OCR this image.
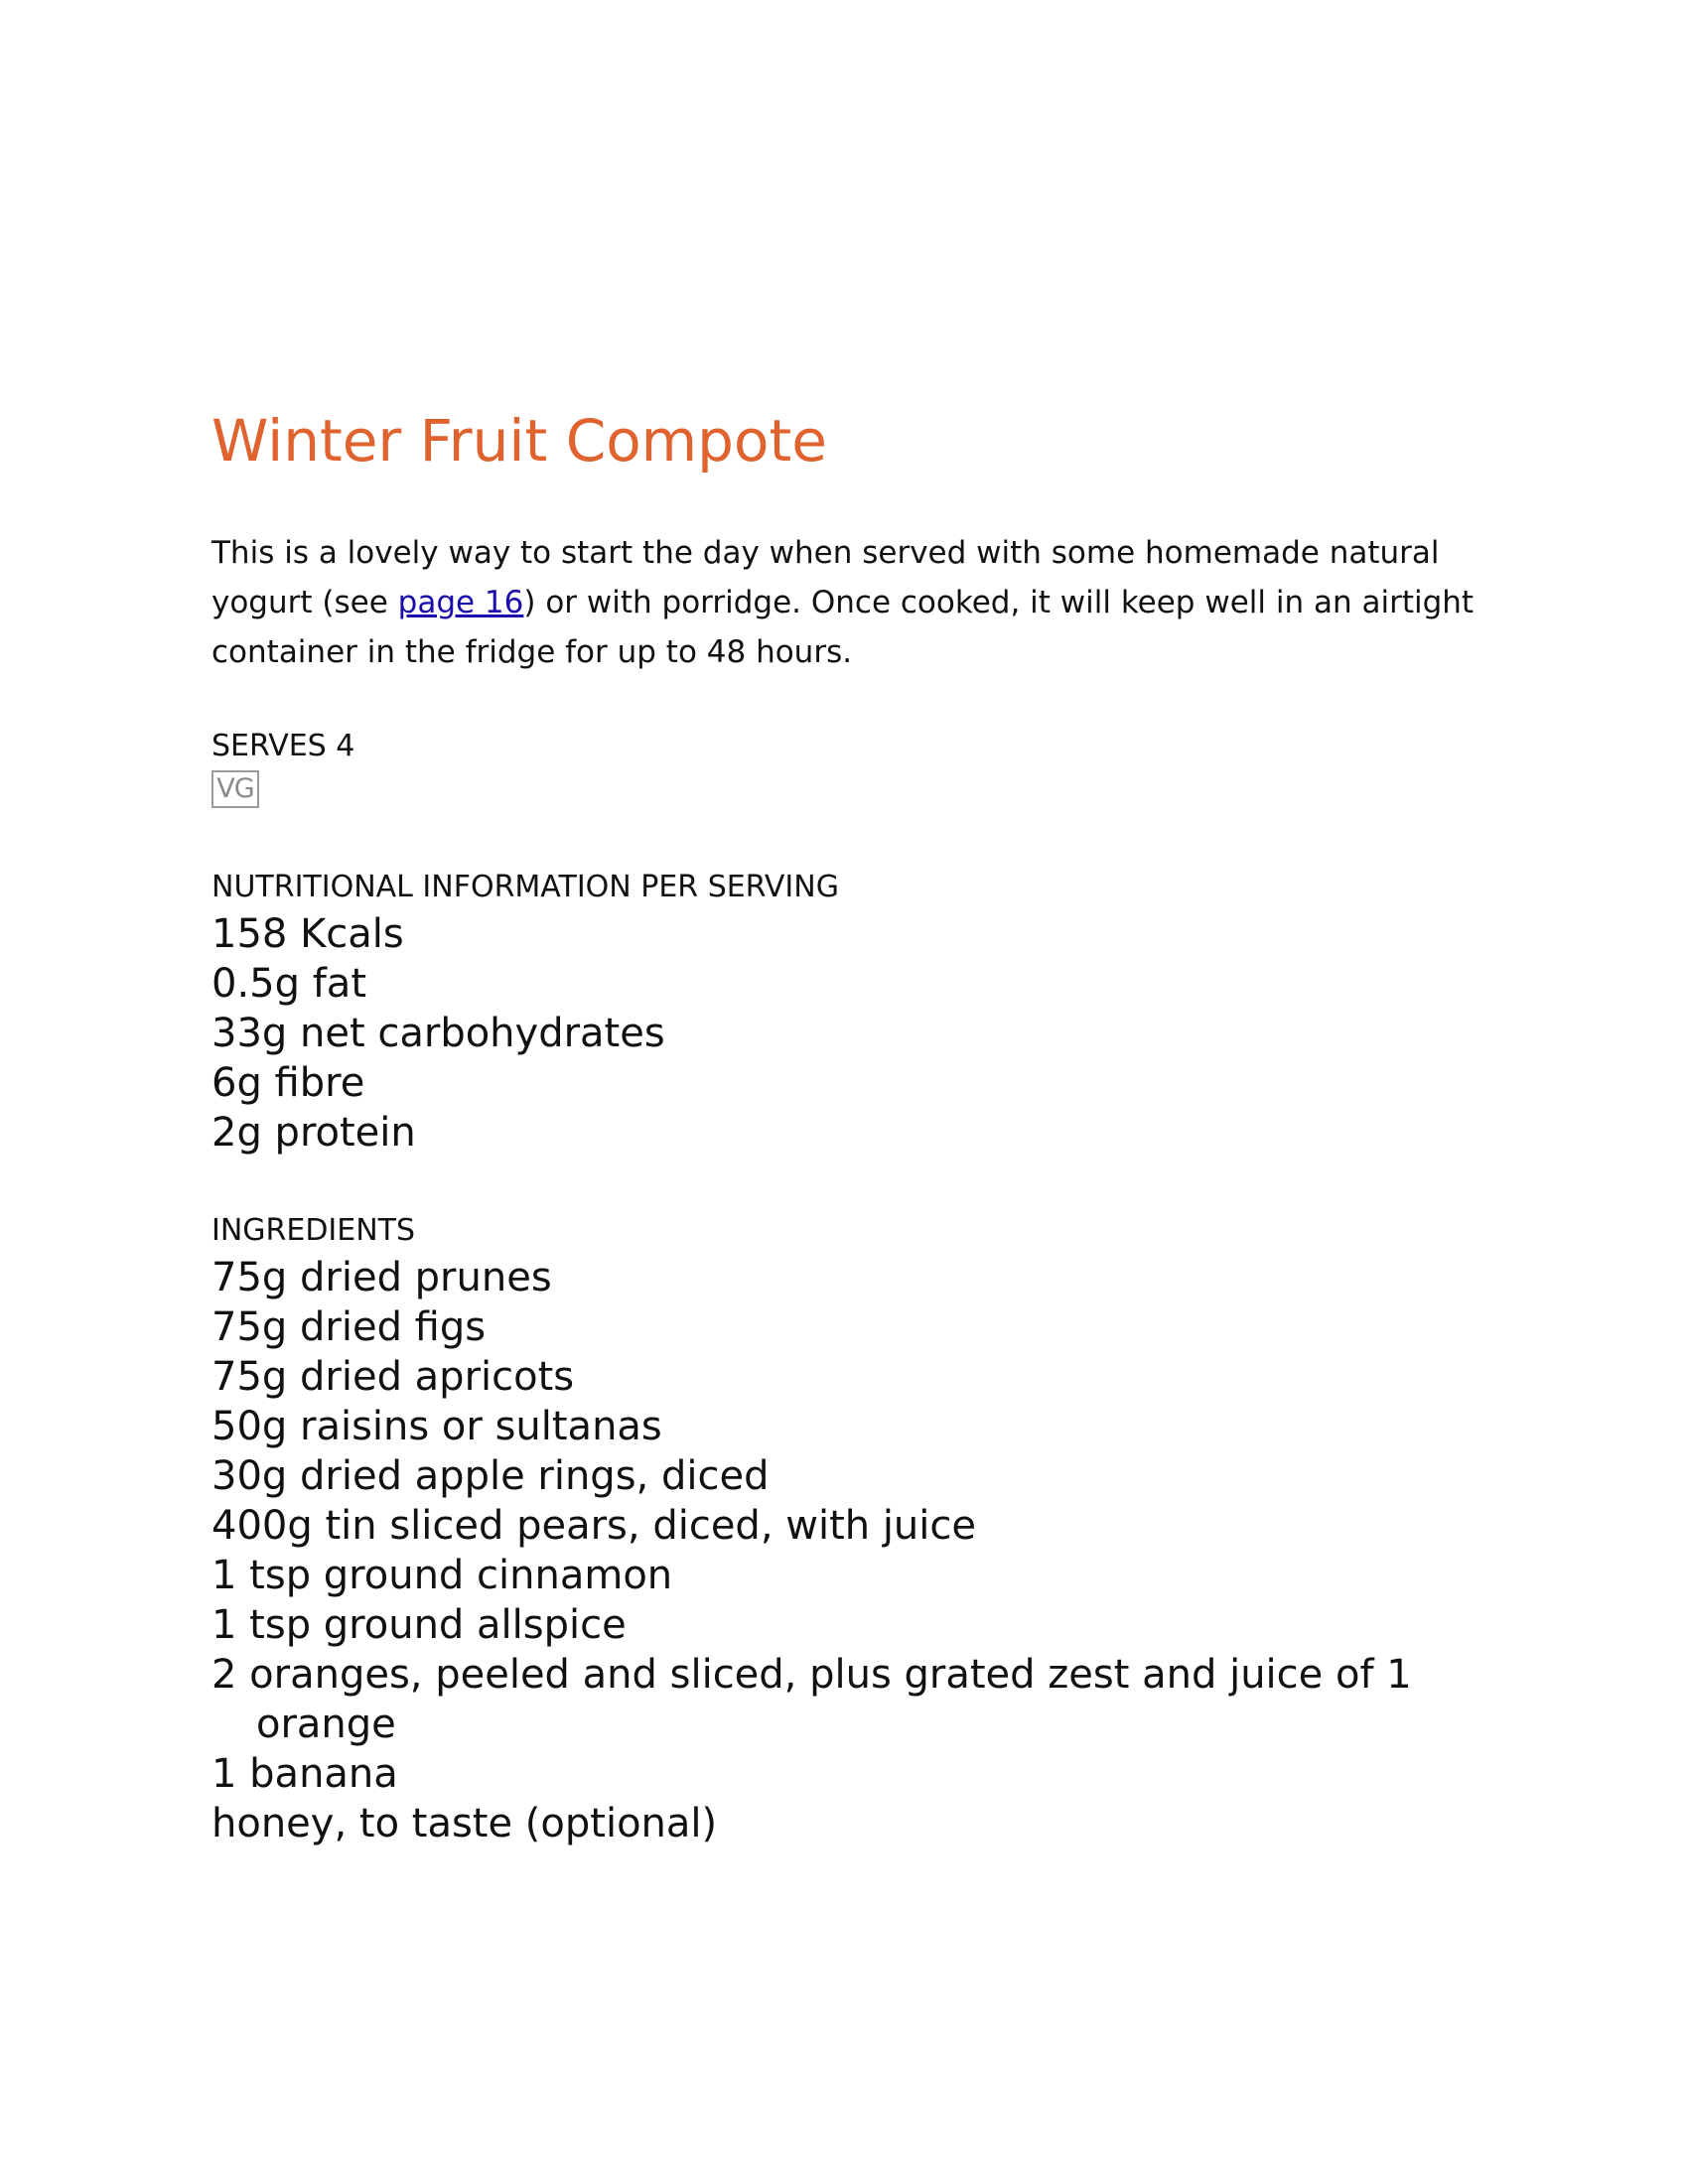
Winter Fruit Compote

This is a lovely way to start the day when served with some homemade natural yogurt (see page 16) or with porridge. Once cooked, it will keep well in an airtight container in the fridge for up to 48 hours.

SERVES 4
VG
NUTRITIONAL INFORMATION PER SERVING
158 Kcals
0.5g fat
33g net carbohydrates
6g fibre
2g protein
INGREDIENTS
75g dried prunes
75g dried figs
75g dried apricots
50g raisins or sultanas
30g dried apple rings, diced
400g tin sliced pears, diced, with juice
1 tsp ground cinnamon
1 tsp ground allspice
2 oranges, peeled and sliced, plus grated zest and juice of 1 orange
1 banana
honey, to taste (optional)
